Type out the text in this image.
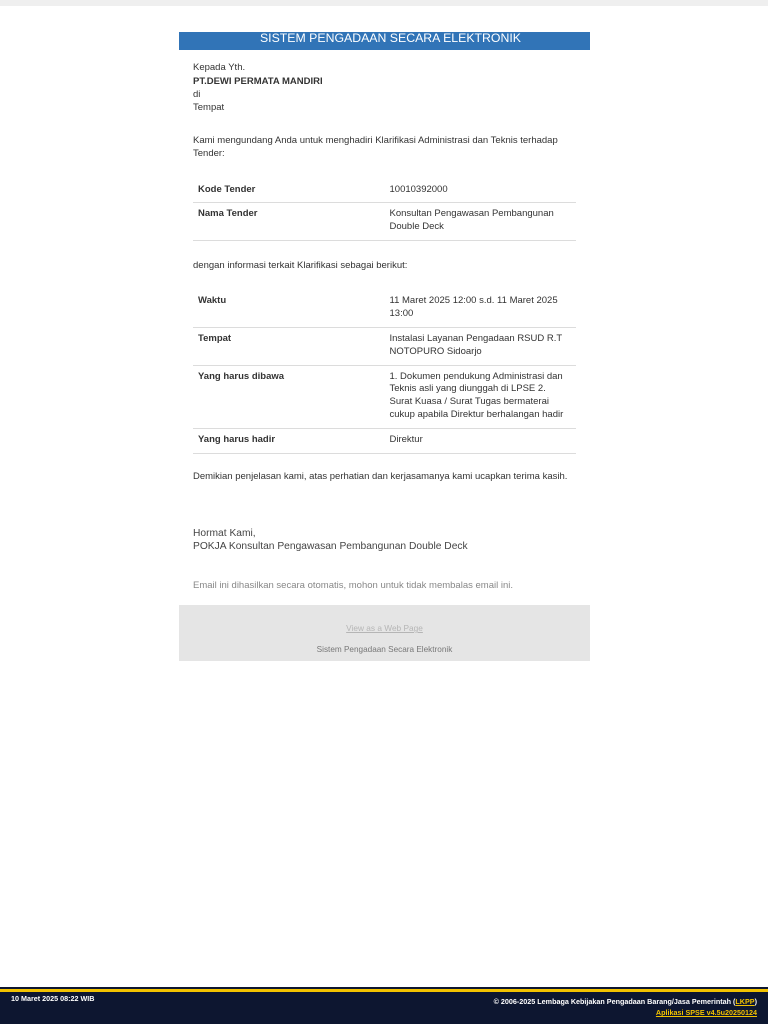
SISTEM PENGADAAN SECARA ELEKTRONIK
Kepada Yth.
PT.DEWI PERMATA MANDIRI
di
Tempat

Kami mengundang Anda untuk menghadiri Klarifikasi Administrasi dan Teknis terhadap Tender:

Kode Tender	10010392000
Nama Tender	Konsultan Pengawasan Pembangunan Double Deck

dengan informasi terkait Klarifikasi sebagai berikut:

Waktu	11 Maret 2025 12:00 s.d. 11 Maret 2025 13:00
Tempat	Instalasi Layanan Pengadaan RSUD R.T NOTOPURO Sidoarjo
Yang harus dibawa	1. Dokumen pendukung Administrasi dan Teknis asli yang diunggah di LPSE 2. Surat Kuasa / Surat Tugas bermaterai cukup apabila Direktur berhalangan hadir
Yang harus hadir	Direktur

Demikian penjelasan kami, atas perhatian dan kerjasamanya kami ucapkan terima kasih.

Hormat Kami,
POKJA Konsultan Pengawasan Pembangunan Double Deck

Email ini dihasilkan secara otomatis, mohon untuk tidak membalas email ini.

View as a Web Page
Sistem Pengadaan Secara Elektronik
10 Maret 2025 08:22 WIB	© 2006-2025 Lembaga Kebijakan Pengadaan Barang/Jasa Pemerintah (LKPP)
Aplikasi SPSE v4.5u20250124
